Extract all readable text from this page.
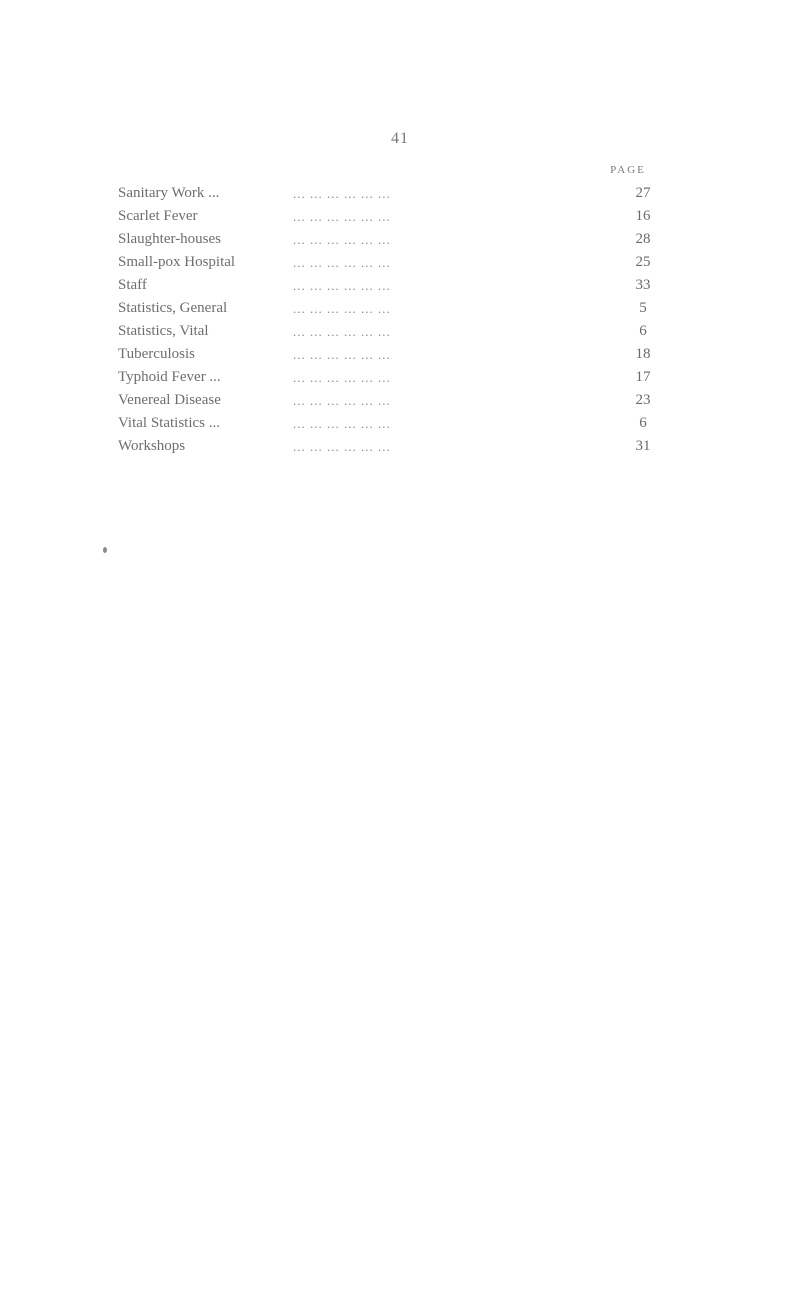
41
PAGE
Sanitary Work ...	... ... ... ... ... ...	27
Scarlet Fever	... ... ... ... ... ...	16
Slaughter-houses	... ... ... ... ... ...	28
Small-pox Hospital	... ... ... ... ... ...	25
Staff	... ... ... ... ... ...	33
Statistics, General	... ... ... ... ... ...	5
Statistics, Vital	... ... ... ... ... ...	6
Tuberculosis	... ... ... ... ... ...	18
Typhoid Fever ...	... ... ... ... ... ...	17
Venereal Disease	... ... ... ... ... ...	23
Vital Statistics ...	... ... ... ... ... ...	6
Workshops	... ... ... ... ... ...	31
